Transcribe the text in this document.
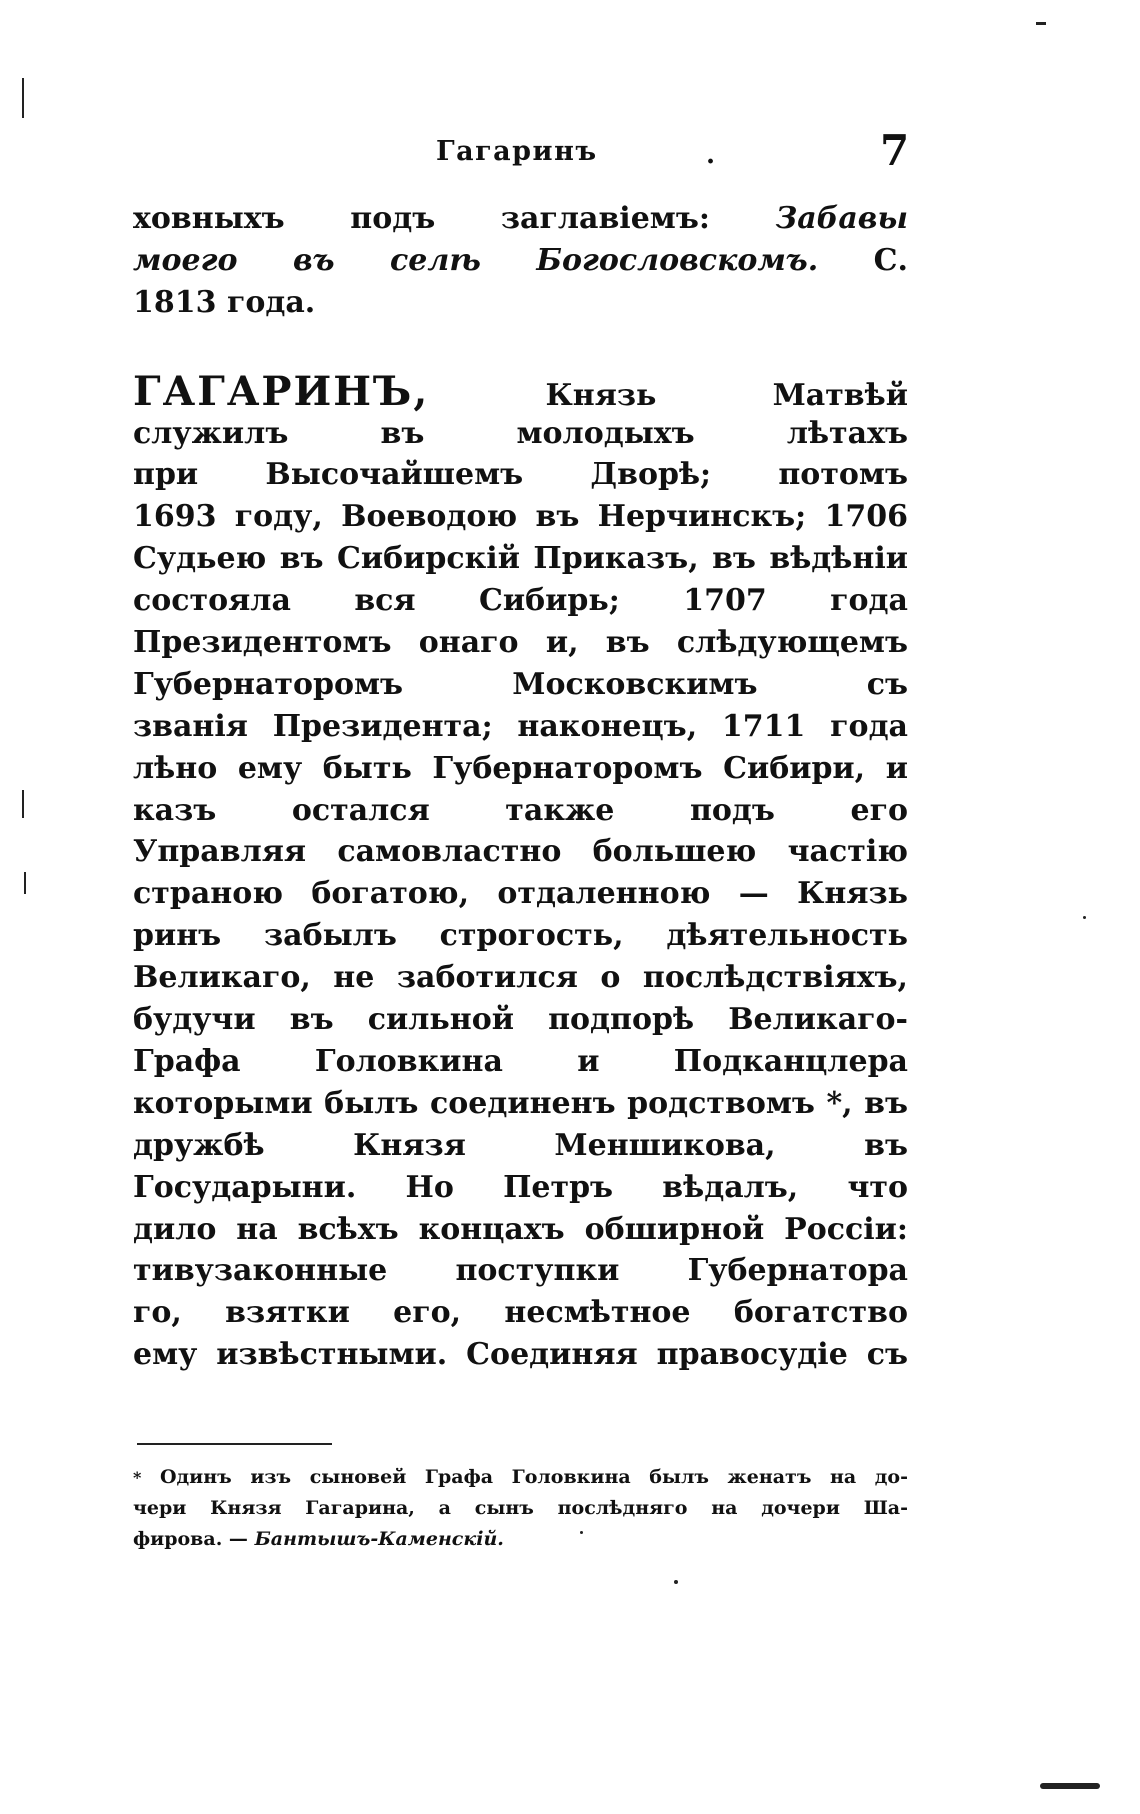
Гагаринъ	.	7
ховныхъ подъ заглавіемъ: Забавы
моего въ селѣ Богословскомъ. С.
1813 года.
ГАГАРИНЪ,	Князь Матвѣй
служилъ въ молодыхъ лѣтахъ
при Высочайшемъ Дворѣ; потомъ
1693 году, Воеводою въ Нерчинскъ; 1706
Судьею въ Сибирскій Приказъ, въ вѣдѣніи
состояла вся Сибирь; 1707 года
Президентомъ онаго и, въ слѣдующемъ
Губернаторомъ Московскимъ съ
званія Президента; наконецъ, 1711 года
лѣно ему быть Губернаторомъ Сибири, и
казъ остался также подъ его
Управляя самовластно большею частію
страною богатою, отдаленною — Князь
ринъ забылъ строгость, дѣятельность
Великаго, не заботился о послѣдствіяхъ,
будучи въ сильной подпорѣ Великаго-
Графа Головкина и Подканцлера
которыми былъ соединенъ родствомъ *, въ
дружбѣ Князя Меншикова, въ
Государыни. Но Петръ вѣдалъ, что
дило на всѣхъ концахъ обширной Россіи:
тивузаконные поступки Губернатора
го, взятки его, несмѣтное богатство
ему извѣстными. Соединяя правосудіе съ
* Одинъ изъ сыновей Графа Головкина былъ женатъ на до-
чери Князя Гагарина, а сынъ послѣдняго на дочери Ша-
фирова. — Бантышъ-Каменскій.
